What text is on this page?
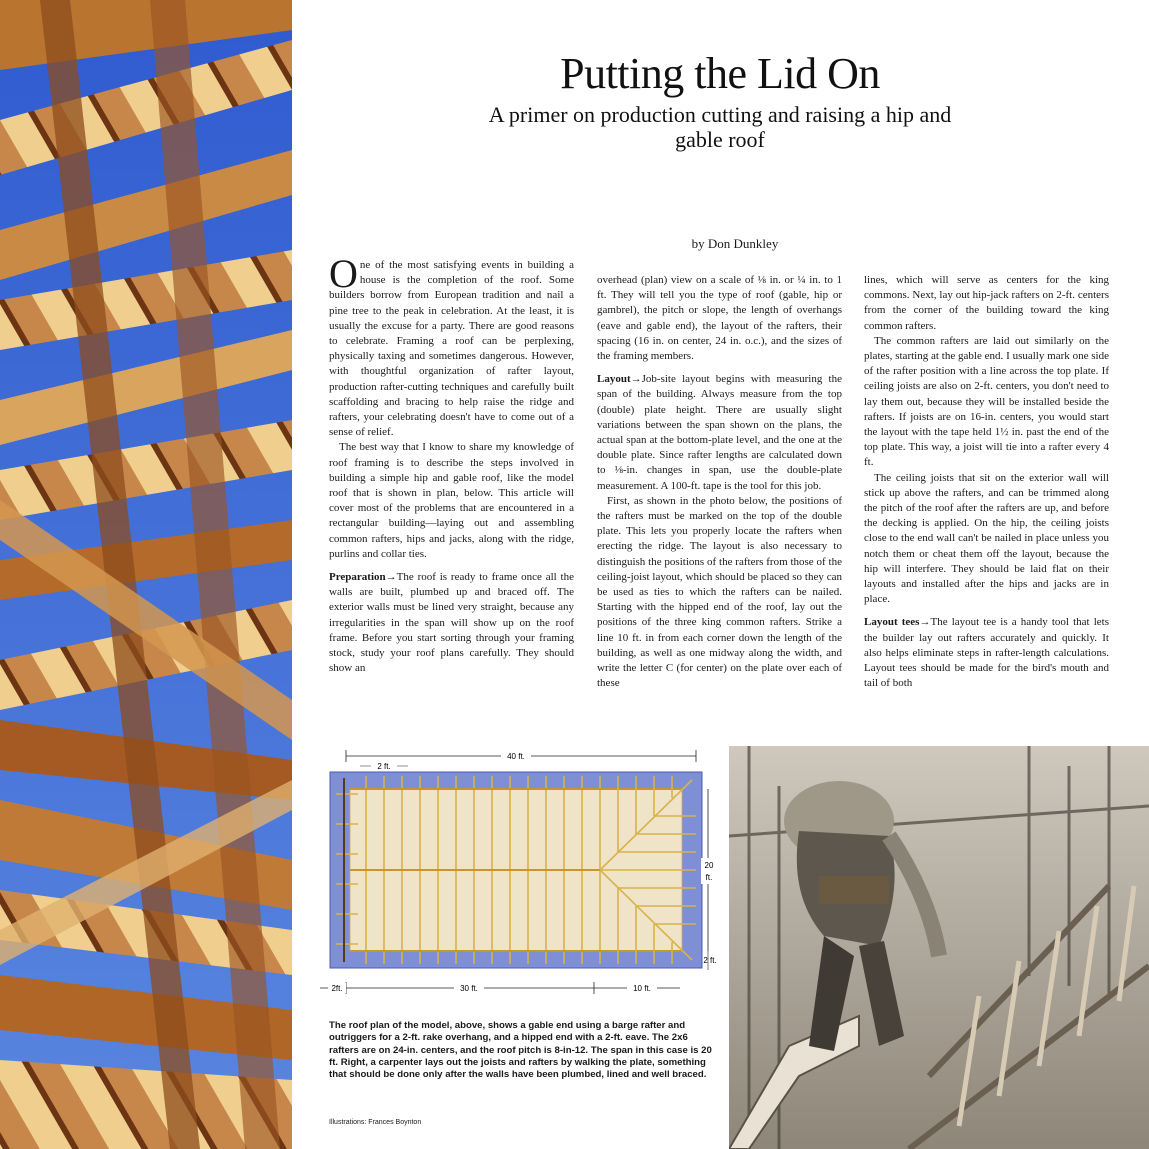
Putting the Lid On
A primer on production cutting and raising a hip and gable roof
by Don Dunkley

One of the most satisfying events in building a house is the completion of the roof. Some builders borrow from European tradition and nail a pine tree to the peak in celebration. At the least, it is usually the excuse for a party. There are good reasons to celebrate. Framing a roof can be perplexing, physically taxing and sometimes dangerous. However, with thoughtful organization of rafter layout, production rafter-cutting techniques and carefully built scaffolding and bracing to help raise the ridge and rafters, your celebrating doesn't have to come out of a sense of relief.

The best way that I know to share my knowledge of roof framing is to describe the steps involved in building a simple hip and gable roof, like the model roof that is shown in plan, below. This article will cover most of the problems that are encountered in a rectangular building—laying out and assembling common rafters, hips and jacks, along with the ridge, purlins and collar ties.

Preparation→The roof is ready to frame once all the walls are built, plumbed up and braced off. The exterior walls must be lined very straight, because any irregularities in the span will show up on the roof frame. Before you start sorting through your framing stock, study your roof plans carefully. They should show an

overhead (plan) view on a scale of ⅛ in. or ¼ in. to 1 ft. They will tell you the type of roof (gable, hip or gambrel), the pitch or slope, the length of overhangs (eave and gable end), the layout of the rafters, their spacing (16 in. on center, 24 in. o.c.), and the sizes of the framing members.

Layout→Job-site layout begins with measuring the span of the building. Always measure from the top (double) plate height. There are usually slight variations between the span shown on the plans, the actual span at the bottom-plate level, and the one at the double plate. Since rafter lengths are calculated down to ⅛-in. changes in span, use the double-plate measurement. A 100-ft. tape is the tool for this job.

First, as shown in the photo below, the positions of the rafters must be marked on the top of the double plate. This lets you properly locate the rafters when erecting the ridge. The layout is also necessary to distinguish the positions of the rafters from those of the ceiling-joist layout, which should be placed so they can be used as ties to which the rafters can be nailed. Starting with the hipped end of the roof, lay out the positions of the three king common rafters. Strike a line 10 ft. in from each corner down the length of the building, as well as one midway along the width, and write the letter C (for center) on the plate over each of these

lines, which will serve as centers for the king commons. Next, lay out hip-jack rafters on 2-ft. centers from the corner of the building toward the king common rafters.

The common rafters are laid out similarly on the plates, starting at the gable end. I usually mark one side of the rafter position with a line across the top plate. If ceiling joists are also on 2-ft. centers, you don't need to lay them out, because they will be installed beside the rafters. If joists are on 16-in. centers, you would start the layout with the tape held 1½ in. past the end of the top plate. This way, a joist will tie into a rafter every 4 ft.

The ceiling joists that sit on the exterior wall will stick up above the rafters, and can be trimmed along the pitch of the roof after the rafters are up, and before the decking is applied. On the hip, the ceiling joists close to the end wall can't be nailed in place unless you notch them or cheat them off the layout, because the hip will interfere. They should be laid flat on their layouts and installed after the hips and jacks are in place.

Layout tees→The layout tee is a handy tool that lets the builder lay out rafters accurately and quickly. It also helps eliminate steps in rafter-length calculations. Layout tees should be made for the bird's mouth and tail of both

40 ft.
2 ft.
20
ft.
2 ft.
2ft.	30 ft.	10 ft.
The roof plan of the model, above, shows a gable end using a barge rafter and outriggers for a 2-ft. rake overhang, and a hipped end with a 2-ft. eave. The 2x6 rafters are on 24-in. centers, and the roof pitch is 8-in-12. The span in this case is 20 ft. Right, a carpenter lays out the joists and rafters by walking the plate, something that should be done only after the walls have been plumbed, lined and well braced.
Illustrations: Frances Boynton
